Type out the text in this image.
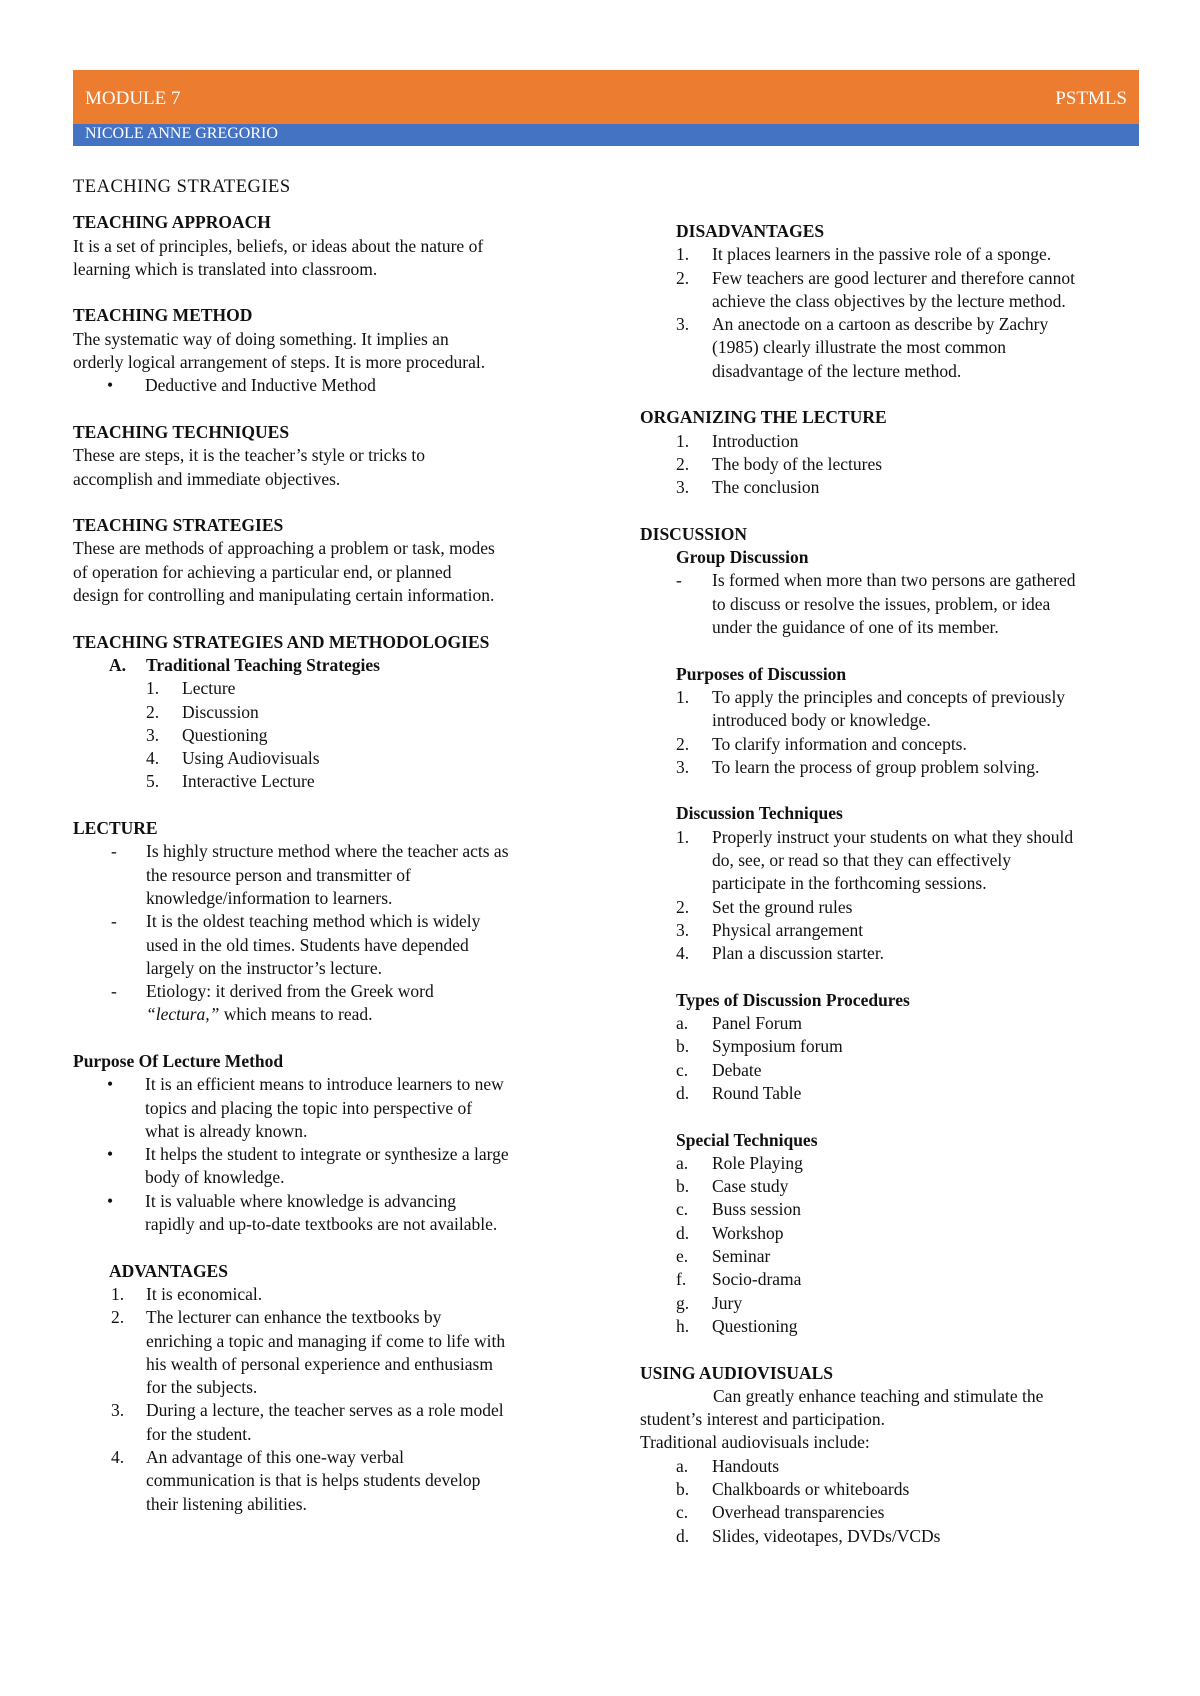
MODULE 7	PSTMLS
NICOLE ANNE GREGORIO
TEACHING STRATEGIES
TEACHING APPROACH
It is a set of principles, beliefs, or ideas about the nature of
learning which is translated into classroom.
TEACHING METHOD
The systematic way of doing something. It implies an
orderly logical arrangement of steps. It is more procedural.
•	Deductive and Inductive Method
TEACHING TECHNIQUES
These are steps, it is the teacher’s style or tricks to
accomplish and immediate objectives.
TEACHING STRATEGIES
These are methods of approaching a problem or task, modes
of operation for achieving a particular end, or planned
design for controlling and manipulating certain information.
TEACHING STRATEGIES AND METHODOLOGIES
A.	Traditional Teaching Strategies
1.	Lecture
2.	Discussion
3.	Questioning
4.	Using Audiovisuals
5.	Interactive Lecture
LECTURE
-	Is highly structure method where the teacher acts as
the resource person and transmitter of
knowledge/information to learners.
-	It is the oldest teaching method which is widely
used in the old times. Students have depended
largely on the instructor’s lecture.
-	Etiology: it derived from the Greek word
“lectura,” which means to read.
Purpose Of Lecture Method
•	It is an efficient means to introduce learners to new
topics and placing the topic into perspective of
what is already known.
•	It helps the student to integrate or synthesize a large
body of knowledge.
•	It is valuable where knowledge is advancing
rapidly and up-to-date textbooks are not available.
ADVANTAGES
1.	It is economical.
2.	The lecturer can enhance the textbooks by
enriching a topic and managing if come to life with
his wealth of personal experience and enthusiasm
for the subjects.
3.	During a lecture, the teacher serves as a role model
for the student.
4.	An advantage of this one-way verbal
communication is that is helps students develop
their listening abilities.
DISADVANTAGES
1.	It places learners in the passive role of a sponge.
2.	Few teachers are good lecturer and therefore cannot
achieve the class objectives by the lecture method.
3.	An anectode on a cartoon as describe by Zachry
(1985) clearly illustrate the most common
disadvantage of the lecture method.
ORGANIZING THE LECTURE
1.	Introduction
2.	The body of the lectures
3.	The conclusion
DISCUSSION
Group Discussion
-	Is formed when more than two persons are gathered
to discuss or resolve the issues, problem, or idea
under the guidance of one of its member.
Purposes of Discussion
1.	To apply the principles and concepts of previously
introduced body or knowledge.
2.	To clarify information and concepts.
3.	To learn the process of group problem solving.
Discussion Techniques
1.	Properly instruct your students on what they should
do, see, or read so that they can effectively
participate in the forthcoming sessions.
2.	Set the ground rules
3.	Physical arrangement
4.	Plan a discussion starter.
Types of Discussion Procedures
a.	Panel Forum
b.	Symposium forum
c.	Debate
d.	Round Table
Special Techniques
a.	Role Playing
b.	Case study
c.	Buss session
d.	Workshop
e.	Seminar
f.	Socio-drama
g.	Jury
h.	Questioning
USING AUDIOVISUALS
Can greatly enhance teaching and stimulate the
student’s interest and participation.
Traditional audiovisuals include:
a.	Handouts
b.	Chalkboards or whiteboards
c.	Overhead transparencies
d.	Slides, videotapes, DVDs/VCDs
